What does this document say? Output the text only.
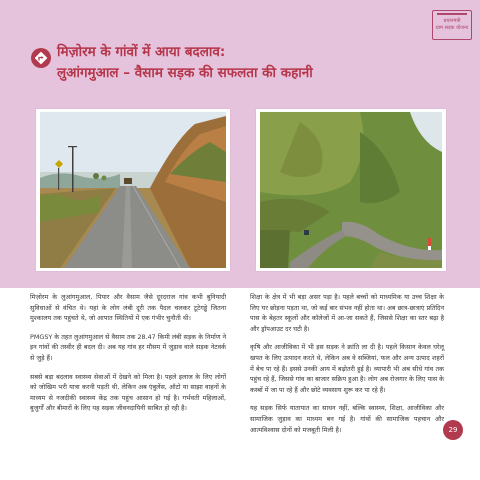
प्रधानमंत्री
ग्राम सड़क योजना
मिज़ोरम के गांवों में आया बदलाव:
लुआंगमुआल – वैसाम सड़क की सफलता की कहानी

मिज़ोरम के लुआंगमुआल, पियार और वैसाम जैसे दूरदराज गांव कभी बुनियादी सुविधाओं से वंचित थे। यहां के लोग लंबी दूरी तक पैदल चलकर टूटेगड्ढे जितना मुश्कालय तक पहुंचते थे, जो आपात स्थितियों में एक गंभीर चुनौती थी।

PMGSY के तहत लुआंगमुआल से वैसाम तक 28.47 किमी लंबी सड़क के निर्माण ने इन गांवों की तस्वीर ही बदल दी। अब यह गांव हर मौसम में जुड़ाव वाले सड़क नेटवर्क से जुड़े हैं।

सबसे बड़ा बदलाव स्वास्थ्य सेवाओं में देखने को मिला है। पहले इलाज के लिए लोगों को जोखिम भरी यात्रा करनी पड़ती थी, लेकिन अब एंबुलेंस, ऑटो या साझा वाहनों के माध्यम से नजदीकी स्वास्थ्य केंद्र तक पहुंच आसान हो गई है। गर्भवती महिलाओं, बुजुर्गों और बीमारों के लिए यह सड़क जीवनदायिनी साबित हो रही है।

शिक्षा के क्षेत्र में भी बड़ा असर पड़ा है। पहले बच्चों को माध्यमिक या उच्च शिक्षा के लिए घर छोड़ना पड़ता था, जो कई बार संभव नहीं होता था। अब छात्र-छात्राएं प्रतिदिन पास के बेहतर स्कूलों और कॉलेजों में आ-जा सकते हैं, जिससे शिक्षा का स्तर बढ़ा है और ड्रॉपआउट दर घटी है।

कृषि और आजीविका में भी इस सड़क ने क्रांति ला दी है। पहले किसान केवल घरेलू खपत के लिए उत्पादन करते थे, लेकिन अब वे सब्जियां, फल और अन्य उत्पाद शहरों में बेच पा रहे हैं। इससे उनकी आय में बढ़ोतरी हुई है। व्यापारी भी अब सीधे गांव तक पहुंच रहे हैं, जिससे गांव का बाजार सक्रिय हुआ है। लोग अब रोजगार के लिए पास के कस्बों में जा पा रहे हैं और छोटे व्यवसाय शुरू कर पा रहे हैं।

यह सड़क सिर्फ यातायात का साधन नहीं, बल्कि स्वास्थ्य, शिक्षा, आजीविका और सामाजिक जुड़ाव का माध्यम बन गई है। गांवों की सामाजिक पहचान और आत्मविश्वास दोनों को मजबूती मिली है।	29
